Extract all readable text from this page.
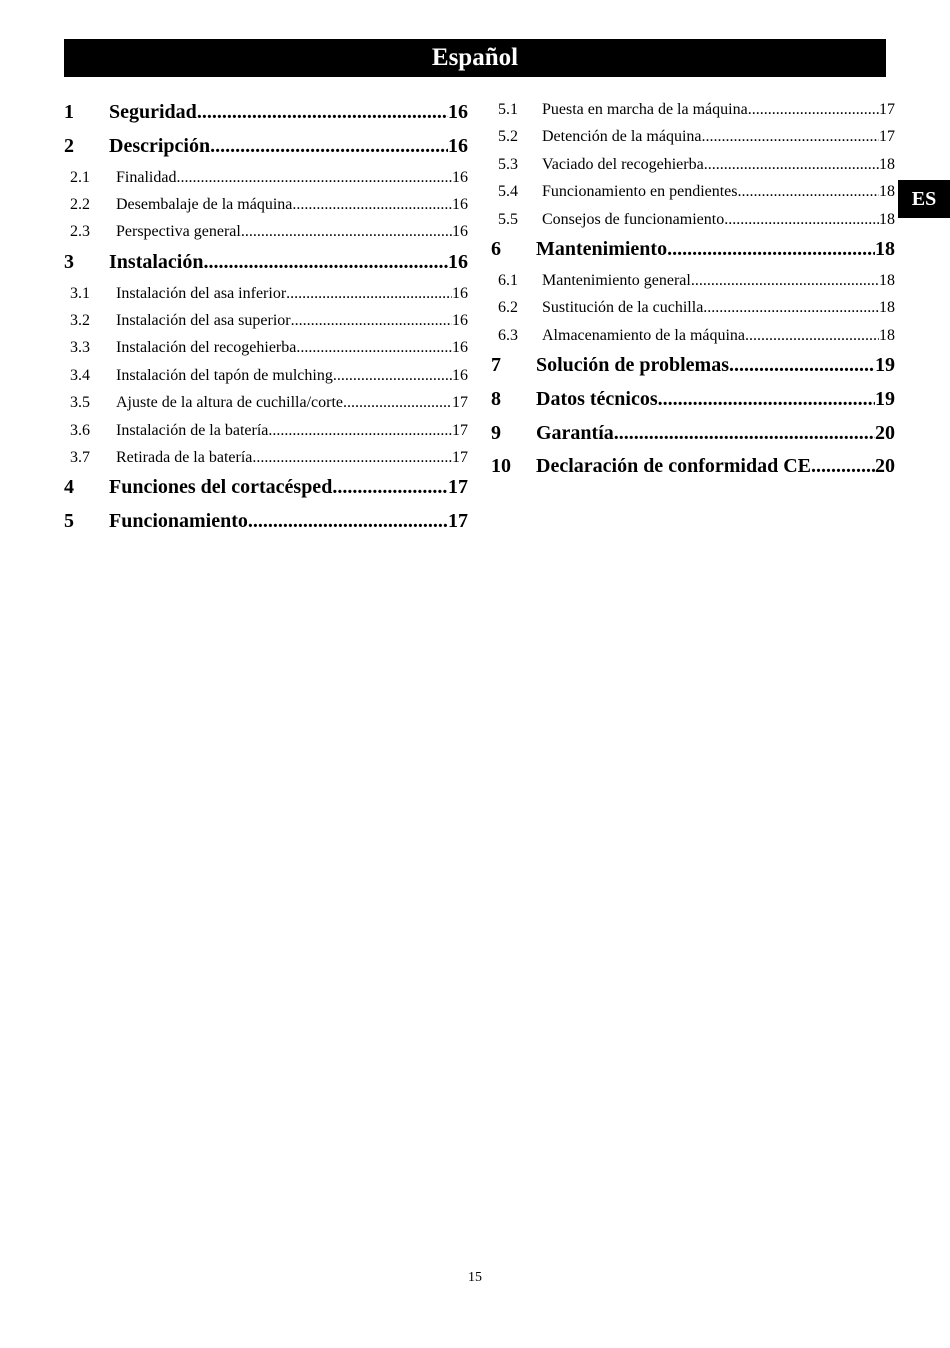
Español
ES
1	Seguridad .....	16
2	Descripción .....	16
2.1	Finalidad .....	16
2.2	Desembalaje de la máquina .....	16
2.3	Perspectiva general .....	16
3	Instalación .....	16
3.1	Instalación del asa inferior .....	16
3.2	Instalación del asa superior .....	16
3.3	Instalación del recogehierba .....	16
3.4	Instalación del tapón de mulching .....	16
3.5	Ajuste de la altura de cuchilla/corte .....	17
3.6	Instalación de la batería .....	17
3.7	Retirada de la batería .....	17
4	Funciones del cortacésped .....	17
5	Funcionamiento .....	17
5.1	Puesta en marcha de la máquina .....	17
5.2	Detención de la máquina .....	17
5.3	Vaciado del recogehierba .....	18
5.4	Funcionamiento en pendientes .....	18
5.5	Consejos de funcionamiento .....	18
6	Mantenimiento .....	18
6.1	Mantenimiento general .....	18
6.2	Sustitución de la cuchilla .....	18
6.3	Almacenamiento de la máquina .....	18
7	Solución de problemas .....	19
8	Datos técnicos .....	19
9	Garantía .....	20
10	Declaración de conformidad CE .....	20
15
